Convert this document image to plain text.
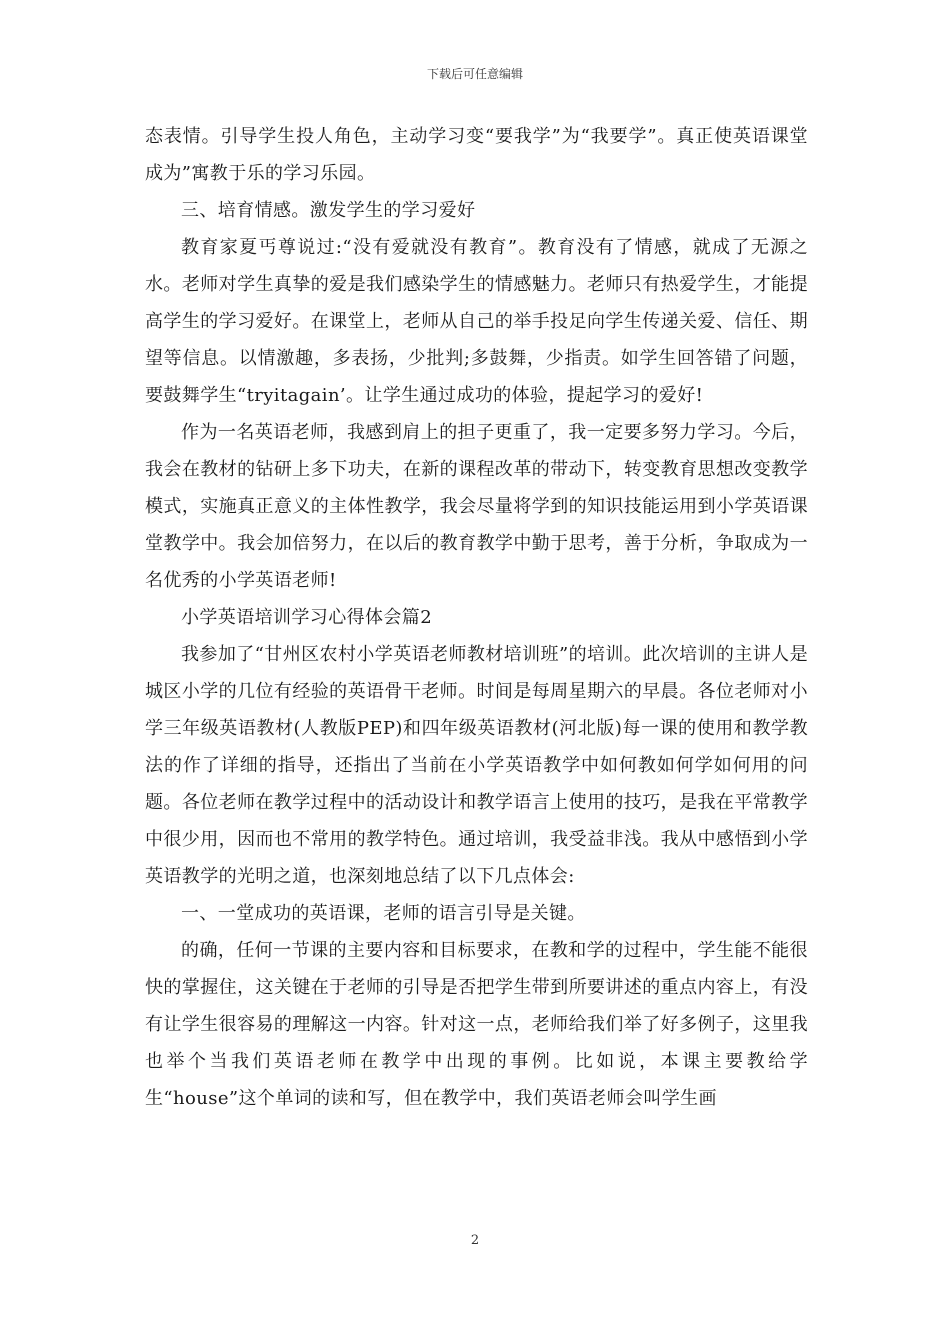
下载后可任意编辑

态表情。引导学生投人角色，主动学习变“要我学”为“我要学”。真正使英语课堂成为”寓教于乐的学习乐园。

三、培育情感。激发学生的学习爱好

教育家夏丐尊说过:“没有爱就没有教育”。教育没有了情感，就成了无源之水。老师对学生真挚的爱是我们感染学生的情感魅力。老师只有热爱学生，才能提高学生的学习爱好。在课堂上，老师从自己的举手投足向学生传递关爱、信任、期望等信息。以情激趣，多表扬，少批判;多鼓舞，少指责。如学生回答错了问题，要鼓舞学生“tryitagain’。让学生通过成功的体验，提起学习的爱好!

作为一名英语老师，我感到肩上的担子更重了，我一定要多努力学习。今后，我会在教材的钻研上多下功夫，在新的课程改革的带动下，转变教育思想改变教学模式，实施真正意义的主体性教学，我会尽量将学到的知识技能运用到小学英语课堂教学中。我会加倍努力，在以后的教育教学中勤于思考，善于分析，争取成为一名优秀的小学英语老师!

小学英语培训学习心得体会篇2

我参加了“甘州区农村小学英语老师教材培训班”的培训。此次培训的主讲人是城区小学的几位有经验的英语骨干老师。时间是每周星期六的早晨。各位老师对小学三年级英语教材(人教版PEP)和四年级英语教材(河北版)每一课的使用和教学教法的作了详细的指导，还指出了当前在小学英语教学中如何教如何学如何用的问题。各位老师在教学过程中的活动设计和教学语言上使用的技巧，是我在平常教学中很少用，因而也不常用的教学特色。通过培训，我受益非浅。我从中感悟到小学英语教学的光明之道，也深刻地总结了以下几点体会:

一、一堂成功的英语课，老师的语言引导是关键。

的确，任何一节课的主要内容和目标要求，在教和学的过程中，学生能不能很快的掌握住，这关键在于老师的引导是否把学生带到所要讲述的重点内容上，有没有让学生很容易的理解这一内容。针对这一点，老师给我们举了好多例子，这里我也举个当我们英语老师在教学中出现的事例。比如说，本课主要教给学生“house”这个单词的读和写，但在教学中，我们英语老师会叫学生画

2
